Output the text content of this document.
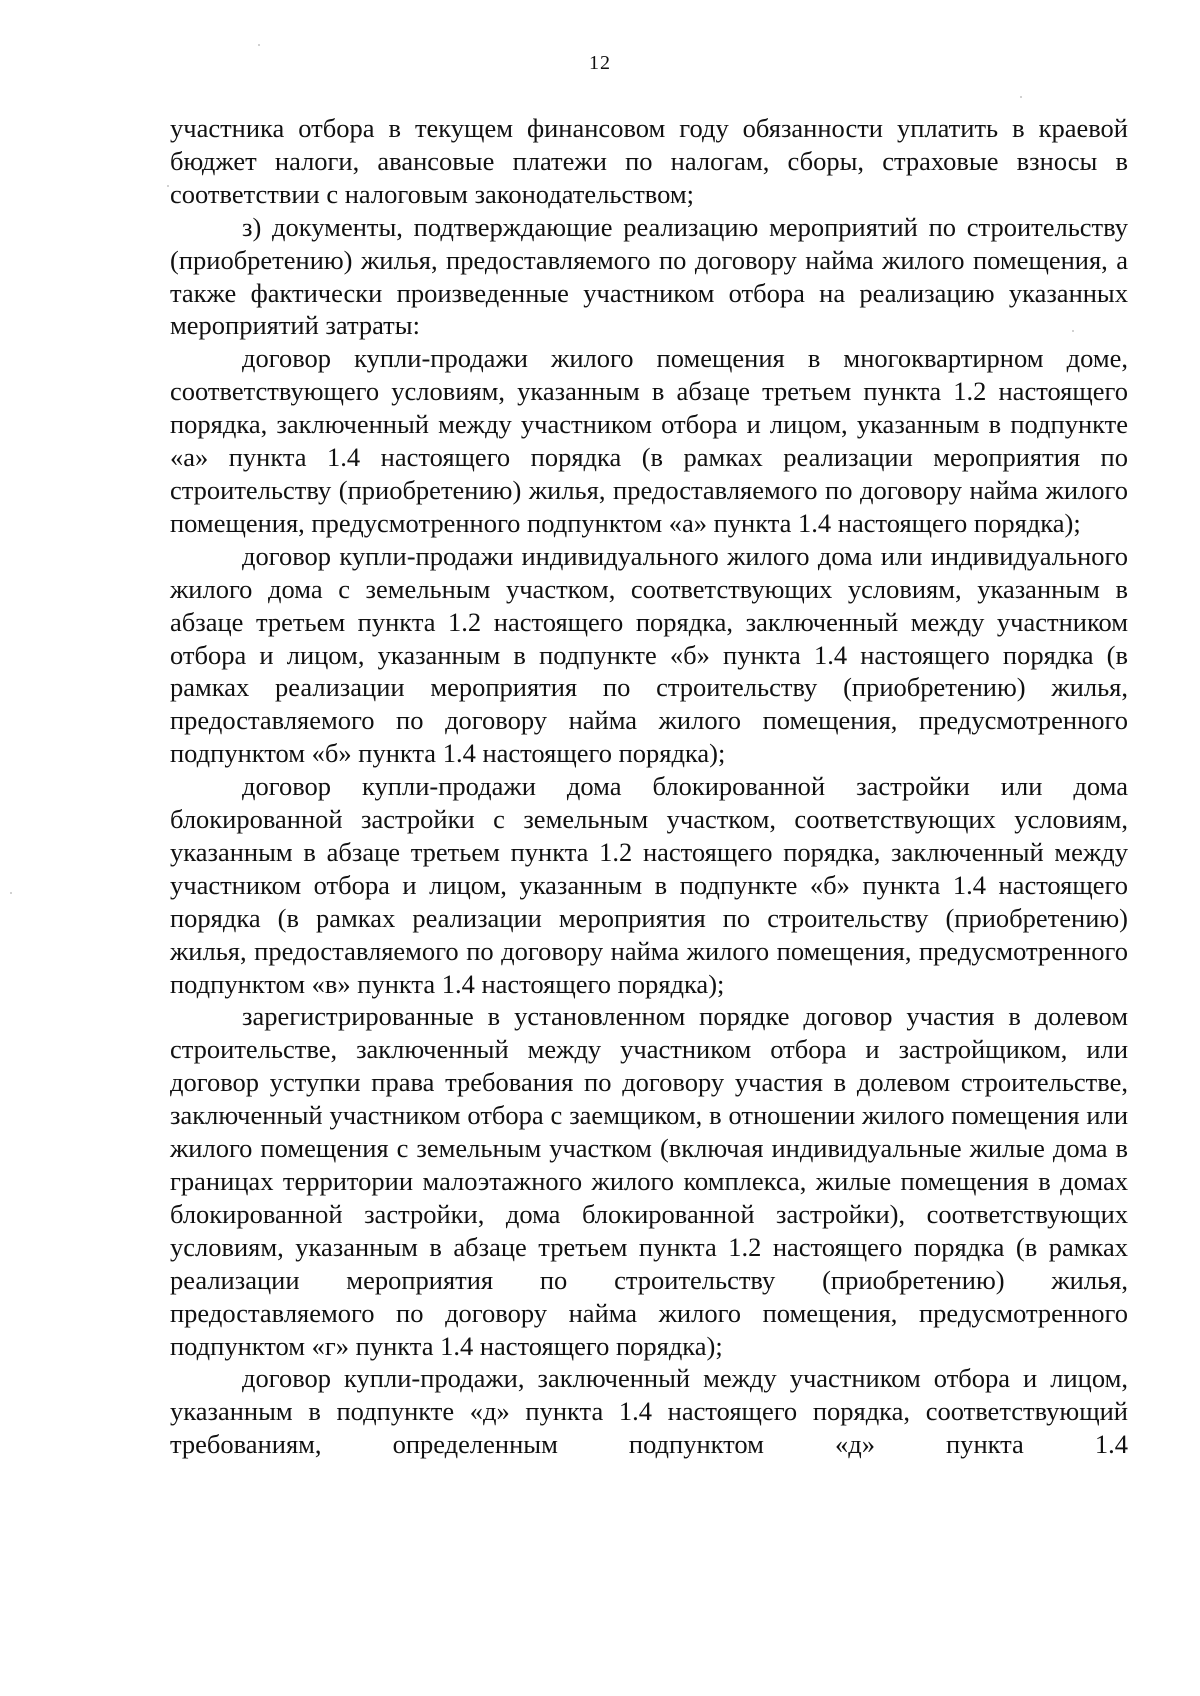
12

участника отбора в текущем финансовом году обязанности уплатить в краевой бюджет налоги, авансовые платежи по налогам, сборы, страховые взносы в соответствии с налоговым законодательством;

з) документы, подтверждающие реализацию мероприятий по строительству (приобретению) жилья, предоставляемого по договору найма жилого помещения, а также фактически произведенные участником отбора на реализацию указанных мероприятий затраты:

договор купли-продажи жилого помещения в многоквартирном доме, соответствующего условиям, указанным в абзаце третьем пункта 1.2 настоящего порядка, заключенный между участником отбора и лицом, указанным в подпункте «а» пункта 1.4 настоящего порядка (в рамках реализации мероприятия по строительству (приобретению) жилья, предоставляемого по договору найма жилого помещения, предусмотренного подпунктом «а» пункта 1.4 настоящего порядка);

договор купли-продажи индивидуального жилого дома или индивидуального жилого дома с земельным участком, соответствующих условиям, указанным в абзаце третьем пункта 1.2 настоящего порядка, заключенный между участником отбора и лицом, указанным в подпункте «б» пункта 1.4 настоящего порядка (в рамках реализации мероприятия по строительству (приобретению) жилья, предоставляемого по договору найма жилого помещения, предусмотренного подпунктом «б» пункта 1.4 настоящего порядка);

договор купли-продажи дома блокированной застройки или дома блокированной застройки с земельным участком, соответствующих условиям, указанным в абзаце третьем пункта 1.2 настоящего порядка, заключенный между участником отбора и лицом, указанным в подпункте «б» пункта 1.4 настоящего порядка (в рамках реализации мероприятия по строительству (приобретению) жилья, предоставляемого по договору найма жилого помещения, предусмотренного подпунктом «в» пункта 1.4 настоящего порядка);

зарегистрированные в установленном порядке договор участия в долевом строительстве, заключенный между участником отбора и застройщиком, или договор уступки права требования по договору участия в долевом строительстве, заключенный участником отбора с заемщиком, в отношении жилого помещения или жилого помещения с земельным участком (включая индивидуальные жилые дома в границах территории малоэтажного жилого комплекса, жилые помещения в домах блокированной застройки, дома блокированной застройки), соответствующих условиям, указанным в абзаце третьем пункта 1.2 настоящего порядка (в рамках реализации мероприятия по строительству (приобретению) жилья, предоставляемого по договору найма жилого помещения, предусмотренного подпунктом «г» пункта 1.4 настоящего порядка);

договор купли-продажи, заключенный между участником отбора и лицом, указанным в подпункте «д» пункта 1.4 настоящего порядка, соответствующий требованиям, определенным подпунктом «д» пункта 1.4
